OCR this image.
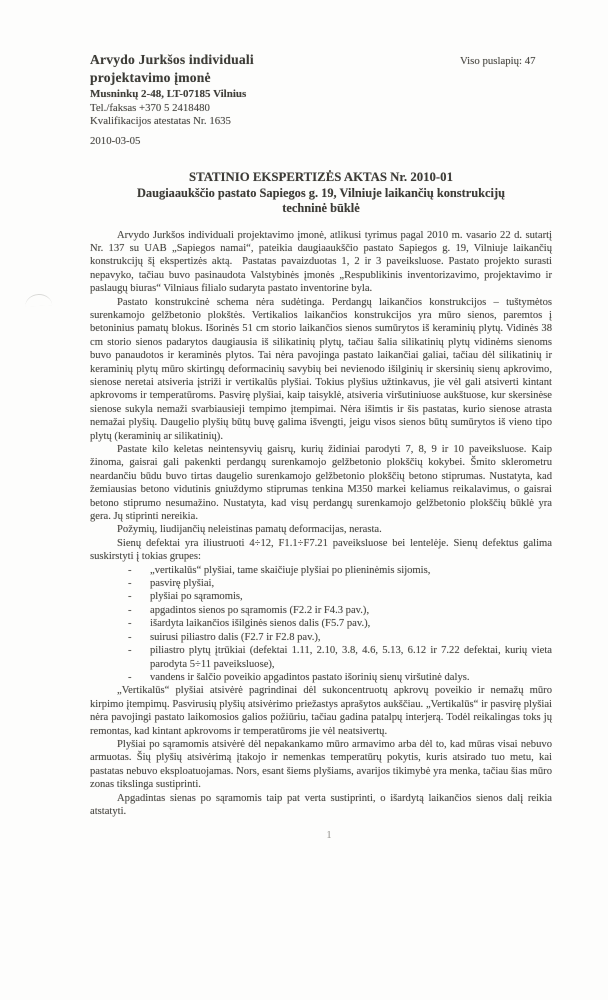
Arvydo Jurkšos individuali
projektavimo įmonė
Musninkų 2-48, LT-07185 Vilnius
Tel./faksas +370 5 2418480
Kvalifikacijos atestatas Nr. 1635
2010-03-05
Viso puslapių: 47
STATINIO EKSPERTIZĖS AKTAS Nr. 2010-01
Daugiaaukščio pastato Sapiegos g. 19, Vilniuje laikančių konstrukcijų
techninė būklė

Arvydo Jurkšos individuali projektavimo įmonė, atlikusi tyrimus pagal 2010 m. vasario 22 d. sutartį Nr. 137 su UAB „Sapiegos namai“, pateikia daugiaaukščio pastato Sapiegos g. 19, Vilniuje laikančių konstrukcijų šį ekspertizės aktą.  Pastatas pavaizduotas 1, 2 ir 3 paveiksluose. Pastato projekto surasti nepavyko, tačiau buvo pasinaudota Valstybinės įmonės „Respublikinis inventorizavimo, projektavimo ir paslaugų biuras“ Vilniaus filialo sudaryta pastato inventorine byla.

Pastato konstrukcinė schema nėra sudėtinga. Perdangų laikančios konstrukcijos – tuštymėtos surenkamojo gelžbetonio plokštės. Vertikalios laikančios konstrukcijos yra mūro sienos, paremtos į betoninius pamatų blokus. Išorinės 51 cm storio laikančios sienos sumūrytos iš keraminių plytų. Vidinės 38 cm storio sienos padarytos daugiausia iš silikatinių plytų, tačiau šalia silikatinių plytų vidinėms sienoms buvo panaudotos ir keraminės plytos. Tai nėra pavojinga pastato laikančiai galiai, tačiau dėl silikatinių ir keraminių plytų mūro skirtingų deformacinių savybių bei nevienodo išilginių ir skersinių sienų apkrovimo, sienose neretai atsiveria įstriži ir vertikalūs plyšiai. Tokius plyšius užtinkavus, jie vėl gali atsiverti kintant apkrovoms ir temperatūroms. Pasvirę plyšiai, kaip taisyklė, atsiveria viršutiniuose aukštuose, kur skersinėse sienose sukyla nemaži svarbiausieji tempimo įtempimai. Nėra išimtis ir šis pastatas, kurio sienose atrasta nemažai plyšių. Daugelio plyšių būtų buvę galima išvengti, jeigu visos sienos būtų sumūrytos iš vieno tipo plytų (keraminių ar silikatinių).

Pastate kilo keletas neintensyvių gaisrų, kurių židiniai parodyti 7, 8, 9 ir 10 paveiksluose. Kaip žinoma, gaisrai gali pakenkti perdangų surenkamojo gelžbetonio plokščių kokybei. Šmito sklerometru neardančiu būdu buvo tirtas daugelio surenkamojo gelžbetonio plokščių betono stiprumas. Nustatyta, kad žemiausias betono vidutinis gniuždymo stiprumas tenkina M350 markei keliamus reikalavimus, o gaisrai betono stiprumo nesumažino. Nustatyta, kad visų perdangų surenkamojo gelžbetonio plokščių būklė yra gera. Jų stiprinti nereikia.

Požymių, liudijančių neleistinas pamatų deformacijas, nerasta.

Sienų defektai yra iliustruoti 4÷12, F1.1÷F7.21 paveiksluose bei lentelėje. Sienų defektus galima suskirstyti į tokias grupes:

- „vertikalūs“ plyšiai, tame skaičiuje plyšiai po plieninėmis sijomis,
- pasvirę plyšiai,
- plyšiai po sąramomis,
- apgadintos sienos po sąramomis (F2.2 ir F4.3 pav.),
- išardyta laikančios išilginės sienos dalis (F5.7 pav.),
- suirusi piliastro dalis (F2.7 ir F2.8 pav.),
- piliastro plytų įtrūkiai (defektai 1.11, 2.10, 3.8, 4.6, 5.13, 6.12 ir 7.22 defektai, kurių vieta parodyta 5÷11 paveiksluose),
- vandens ir šalčio poveikio apgadintos pastato išorinių sienų viršutinė dalys.

„Vertikalūs“ plyšiai atsivėrė pagrindinai dėl sukoncentruotų apkrovų poveikio ir nemažų mūro kirpimo įtempimų. Pasvirusių plyšių atsivėrimo priežastys aprašytos aukščiau. „Vertikalūs“ ir pasvirę plyšiai nėra pavojingi pastato laikomosios galios požiūriu, tačiau gadina patalpų interjerą. Todėl reikalingas toks jų remontas, kad kintant apkrovoms ir temperatūroms jie vėl neatsivertų.

Plyšiai po sąramomis atsivėrė dėl nepakankamo mūro armavimo arba dėl to, kad mūras visai nebuvo armuotas. Šių plyšių atsivėrimą įtakojo ir nemenkas temperatūrų pokytis, kuris atsirado tuo metu, kai pastatas nebuvo eksploatuojamas. Nors, esant šiems plyšiams, avarijos tikimybė yra menka, tačiau šias mūro zonas tikslinga sustiprinti.

Apgadintas sienas po sąramomis taip pat verta sustiprinti, o išardytą laikančios sienos dalį reikia atstatyti.

1
